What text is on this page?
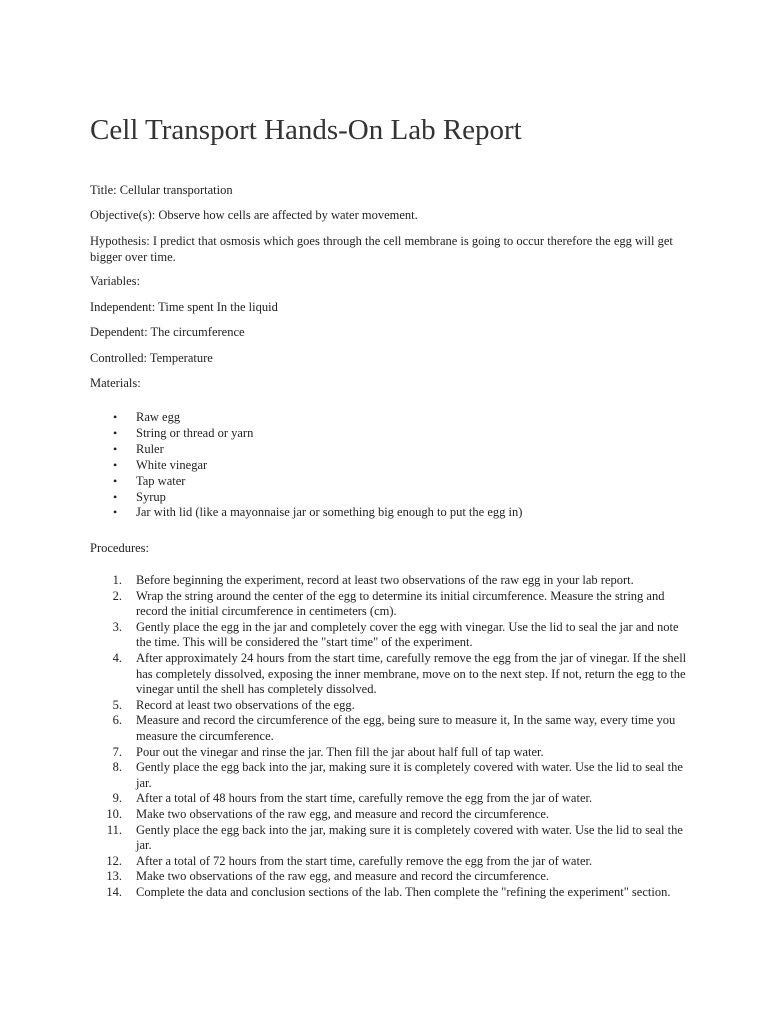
Cell Transport Hands-On Lab Report

Title: Cellular transportation

Objective(s): Observe how cells are affected by water movement.

Hypothesis: I predict that osmosis which goes through the cell membrane is going to occur therefore the egg will get bigger over time.

Variables:

Independent: Time spent In the liquid

Dependent: The circumference

Controlled: Temperature

Materials:

• Raw egg
• String or thread or yarn
• Ruler
• White vinegar
• Tap water
• Syrup
• Jar with lid (like a mayonnaise jar or something big enough to put the egg in)

Procedures:

1. Before beginning the experiment, record at least two observations of the raw egg in your lab report.
2. Wrap the string around the center of the egg to determine its initial circumference. Measure the string and record the initial circumference in centimeters (cm).
3. Gently place the egg in the jar and completely cover the egg with vinegar. Use the lid to seal the jar and note the time. This will be considered the "start time" of the experiment.
4. After approximately 24 hours from the start time, carefully remove the egg from the jar of vinegar. If the shell has completely dissolved, exposing the inner membrane, move on to the next step. If not, return the egg to the vinegar until the shell has completely dissolved.
5. Record at least two observations of the egg.
6. Measure and record the circumference of the egg, being sure to measure it, In the same way, every time you measure the circumference.
7. Pour out the vinegar and rinse the jar. Then fill the jar about half full of tap water.
8. Gently place the egg back into the jar, making sure it is completely covered with water. Use the lid to seal the jar.
9. After a total of 48 hours from the start time, carefully remove the egg from the jar of water.
10. Make two observations of the raw egg, and measure and record the circumference.
11. Gently place the egg back into the jar, making sure it is completely covered with water. Use the lid to seal the jar.
12. After a total of 72 hours from the start time, carefully remove the egg from the jar of water.
13. Make two observations of the raw egg, and measure and record the circumference.
14. Complete the data and conclusion sections of the lab. Then complete the "refining the experiment" section.
